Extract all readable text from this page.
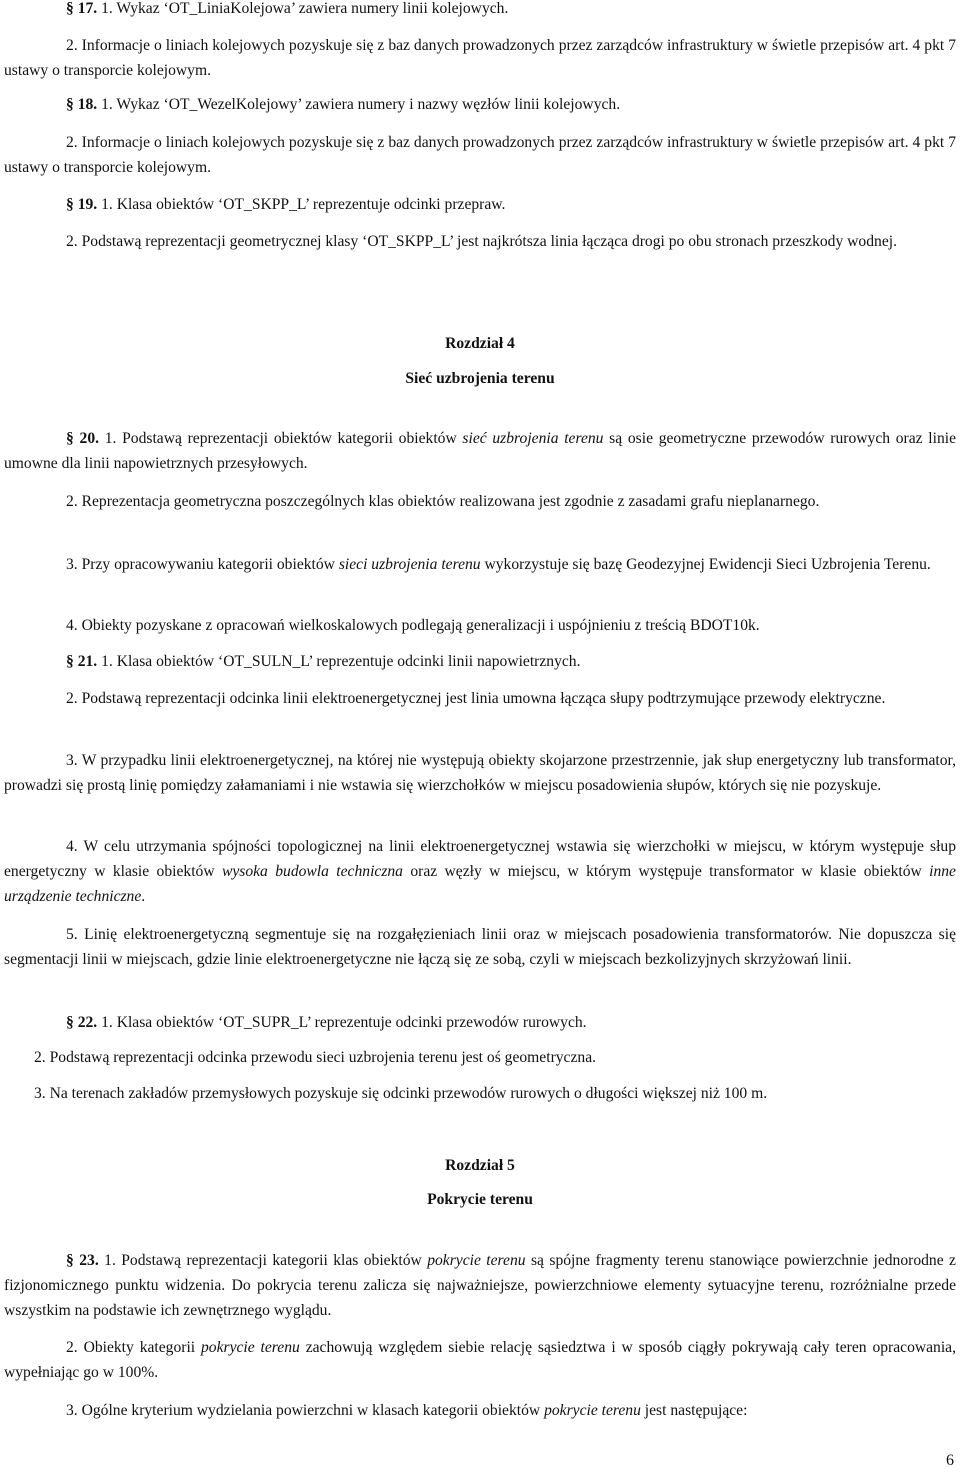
§ 17. 1. Wykaz ‘OT_LiniaKolejowa’ zawiera numery linii kolejowych.

2. Informacje o liniach kolejowych pozyskuje się z baz danych prowadzonych przez zarządców infrastruktury w świetle przepisów art. 4 pkt 7 ustawy o transporcie kolejowym.

§ 18. 1. Wykaz ‘OT_WezelKolejowy’ zawiera numery i nazwy węzłów linii kolejowych.

2. Informacje o liniach kolejowych pozyskuje się z baz danych prowadzonych przez zarządców infrastruktury w świetle przepisów art. 4 pkt 7 ustawy o transporcie kolejowym.

§ 19. 1. Klasa obiektów ‘OT_SKPP_L’ reprezentuje odcinki przepraw.

2. Podstawą reprezentacji geometrycznej klasy ‘OT_SKPP_L’ jest najkrótsza linia łącząca drogi po obu stronach przeszkody wodnej.

Rozdział 4

Sieć uzbrojenia terenu

§ 20. 1. Podstawą reprezentacji obiektów kategorii obiektów sieć uzbrojenia terenu są osie geometryczne przewodów rurowych oraz linie umowne dla linii napowietrznych przesyłowych.

2. Reprezentacja geometryczna poszczególnych klas obiektów realizowana jest zgodnie z zasadami grafu nieplanarnego.

3. Przy opracowywaniu kategorii obiektów sieci uzbrojenia terenu wykorzystuje się bazę Geodezyjnej Ewidencji Sieci Uzbrojenia Terenu.

4. Obiekty pozyskane z opracowań wielkoskalowych podlegają generalizacji i uspójnieniu z treścią BDOT10k.

§ 21. 1. Klasa obiektów ‘OT_SULN_L’ reprezentuje odcinki linii napowietrznych.

2. Podstawą reprezentacji odcinka linii elektroenergetycznej jest linia umowna łącząca słupy podtrzymujące przewody elektryczne.

3. W przypadku linii elektroenergetycznej, na której nie występują obiekty skojarzone przestrzennie, jak słup energetyczny lub transformator, prowadzi się prostą linię pomiędzy załamaniami i nie wstawia się wierzchołków w miejscu posadowienia słupów, których się nie pozyskuje.

4. W celu utrzymania spójności topologicznej na linii elektroenergetycznej wstawia się wierzchołki w miejscu, w którym występuje słup energetyczny w klasie obiektów wysoka budowla techniczna oraz węzły w miejscu, w którym występuje transformator w klasie obiektów inne urządzenie techniczne.

5. Linię elektroenergetyczną segmentuje się na rozgałęzieniach linii oraz w miejscach posadowienia transformatorów. Nie dopuszcza się segmentacji linii w miejscach, gdzie linie elektroenergetyczne nie łączą się ze sobą, czyli w miejscach bezkolizyjnych skrzyżowań linii.

§ 22. 1. Klasa obiektów ‘OT_SUPR_L’ reprezentuje odcinki przewodów rurowych.

2. Podstawą reprezentacji odcinka przewodu sieci uzbrojenia terenu jest oś geometryczna.

3. Na terenach zakładów przemysłowych pozyskuje się odcinki przewodów rurowych o długości większej niż 100 m.

Rozdział 5

Pokrycie terenu

§ 23. 1. Podstawą reprezentacji kategorii klas obiektów pokrycie terenu są spójne fragmenty terenu stanowiące powierzchnie jednorodne z fizjonomicznego punktu widzenia. Do pokrycia terenu zalicza się najważniejsze, powierzchniowe elementy sytuacyjne terenu, rozróżnialne przede wszystkim na podstawie ich zewnętrznego wyglądu.

2. Obiekty kategorii pokrycie terenu zachowują względem siebie relację sąsiedztwa i w sposób ciągły pokrywają cały teren opracowania, wypełniając go w 100%.

3. Ogólne kryterium wydzielania powierzchni w klasach kategorii obiektów pokrycie terenu jest następujące:

6
